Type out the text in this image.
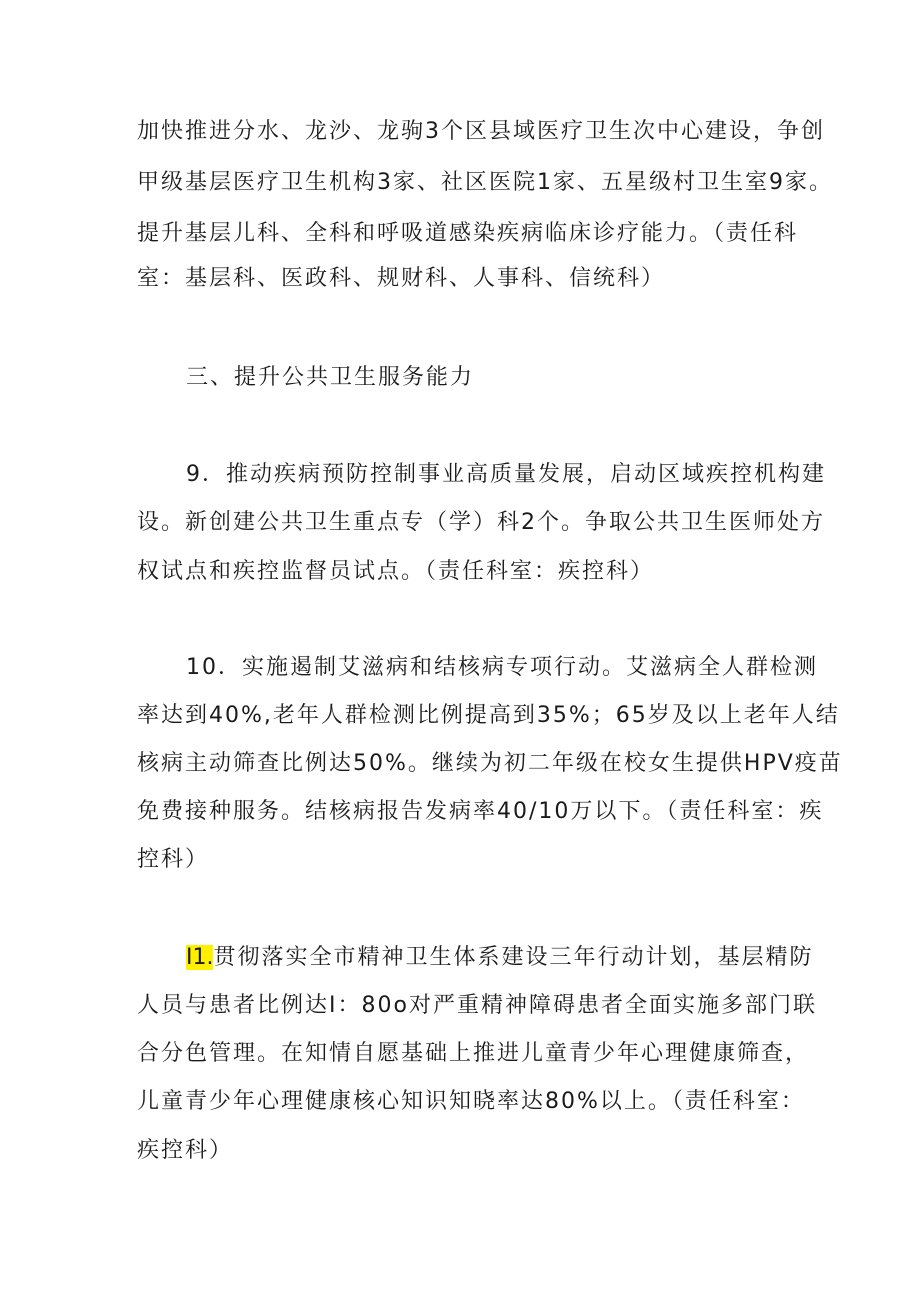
加快推进分水、龙沙、龙驹3个区县域医疗卫生次中心建设，争创
甲级基层医疗卫生机构3家、社区医院1家、五星级村卫生室9家。
提升基层儿科、全科和呼吸道感染疾病临床诊疗能力。（责任科
室：基层科、医政科、规财科、人事科、信统科）
三、提升公共卫生服务能力
9．推动疾病预防控制事业高质量发展，启动区域疾控机构建
设。新创建公共卫生重点专（学）科2个。争取公共卫生医师处方
权试点和疾控监督员试点。（责任科室：疾控科）
10．实施遏制艾滋病和结核病专项行动。艾滋病全人群检测
率达到40%,老年人群检测比例提高到35%；65岁及以上老年人结
核病主动筛查比例达50%。继续为初二年级在校女生提供HPV疫苗
免费接种服务。结核病报告发病率40/10万以下。（责任科室：疾
控科）
I1.贯彻落实全市精神卫生体系建设三年行动计划，基层精防
人员与患者比例达I：80o对严重精神障碍患者全面实施多部门联
合分色管理。在知情自愿基础上推进儿童青少年心理健康筛查，
儿童青少年心理健康核心知识知晓率达80%以上。（责任科室：
疾控科）
